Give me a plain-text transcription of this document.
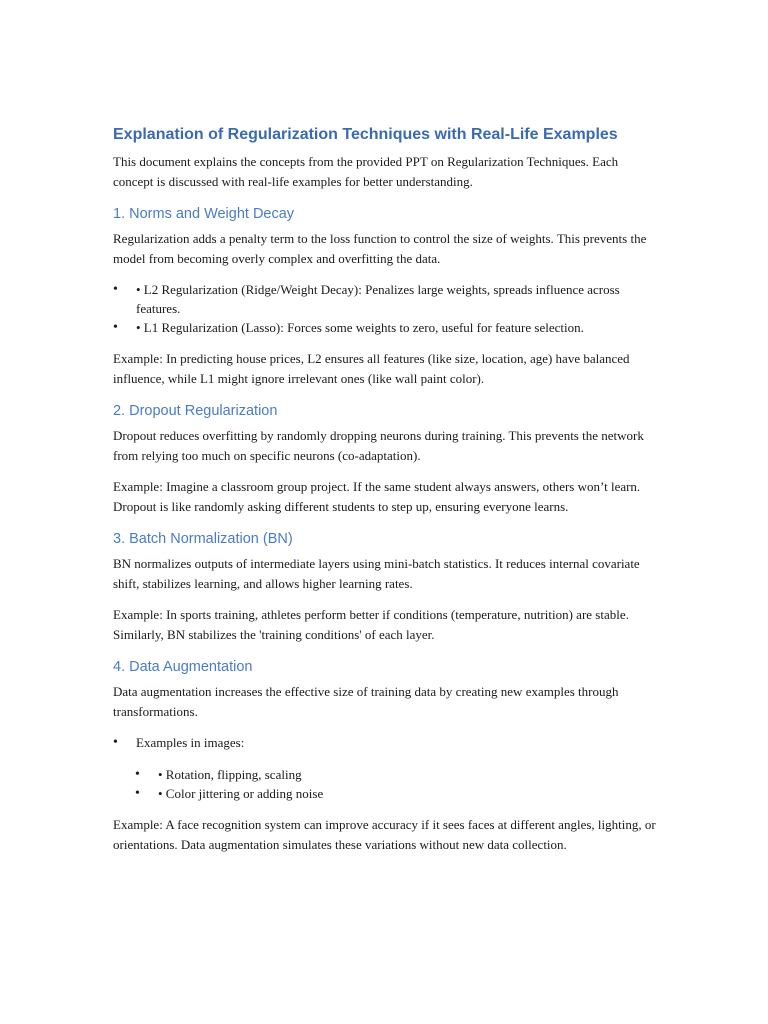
Explanation of Regularization Techniques with Real-Life Examples

This document explains the concepts from the provided PPT on Regularization Techniques. Each concept is discussed with real-life examples for better understanding.

1. Norms and Weight Decay

Regularization adds a penalty term to the loss function to control the size of weights. This prevents the model from becoming overly complex and overfitting the data.

• • L2 Regularization (Ridge/Weight Decay): Penalizes large weights, spreads influence across features.
• • L1 Regularization (Lasso): Forces some weights to zero, useful for feature selection.

Example: In predicting house prices, L2 ensures all features (like size, location, age) have balanced influence, while L1 might ignore irrelevant ones (like wall paint color).

2. Dropout Regularization

Dropout reduces overfitting by randomly dropping neurons during training. This prevents the network from relying too much on specific neurons (co-adaptation).

Example: Imagine a classroom group project. If the same student always answers, others won’t learn. Dropout is like randomly asking different students to step up, ensuring everyone learns.

3. Batch Normalization (BN)

BN normalizes outputs of intermediate layers using mini-batch statistics. It reduces internal covariate shift, stabilizes learning, and allows higher learning rates.

Example: In sports training, athletes perform better if conditions (temperature, nutrition) are stable. Similarly, BN stabilizes the 'training conditions' of each layer.

4. Data Augmentation

Data augmentation increases the effective size of training data by creating new examples through transformations.

• Examples in images:
• • Rotation, flipping, scaling
• • Color jittering or adding noise

Example: A face recognition system can improve accuracy if it sees faces at different angles, lighting, or orientations. Data augmentation simulates these variations without new data collection.
